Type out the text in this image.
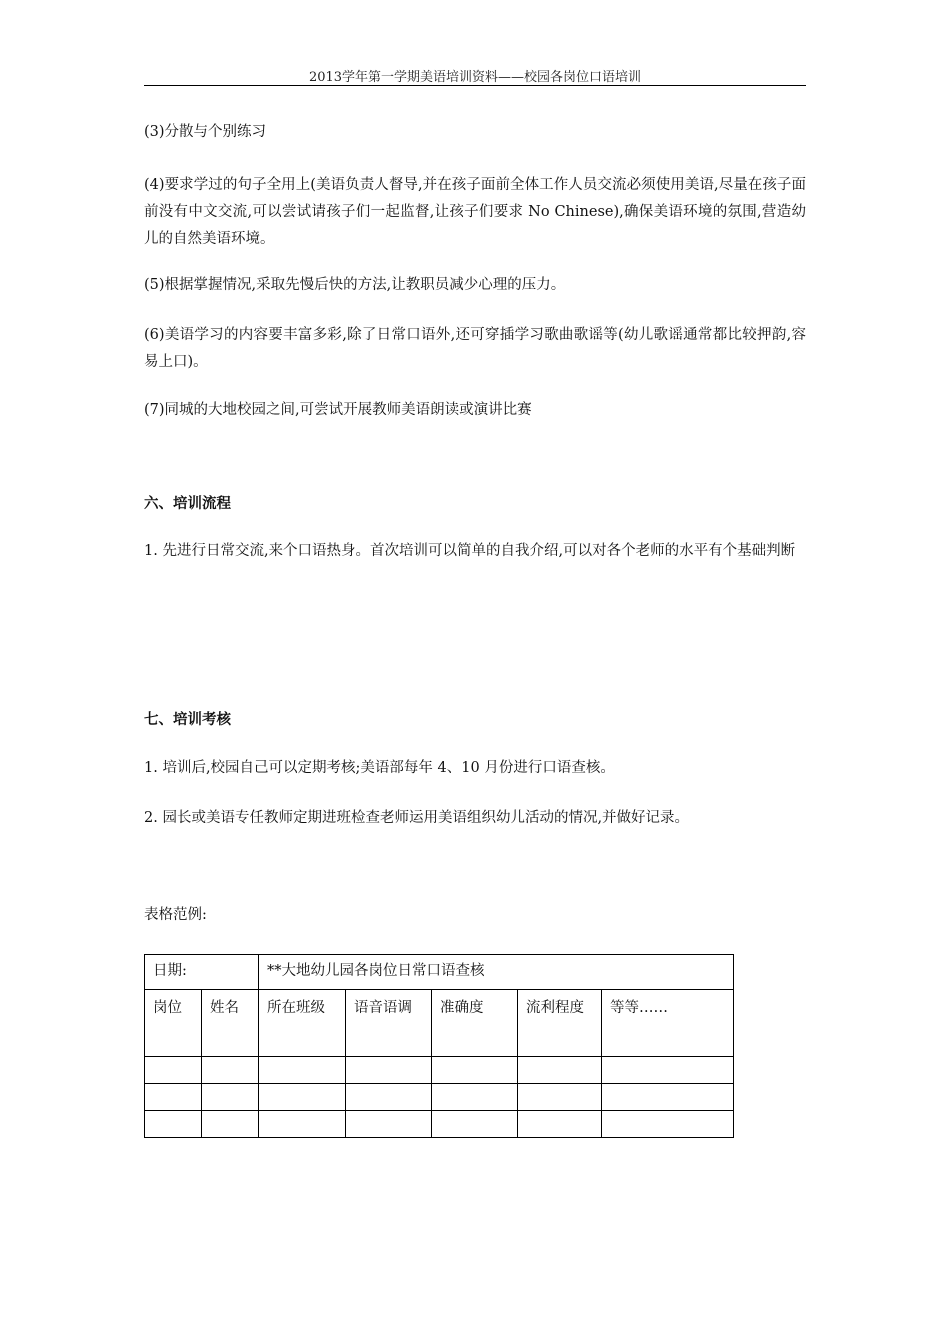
2013学年第一学期美语培训资料——校园各岗位口语培训

(3)分散与个别练习

(4)要求学过的句子全用上(美语负责人督导,并在孩子面前全体工作人员交流必须使用美语,尽量在孩子面前没有中文交流,可以尝试请孩子们一起监督,让孩子们要求 No Chinese),确保美语环境的氛围,营造幼儿的自然美语环境。

(5)根据掌握情况,采取先慢后快的方法,让教职员减少心理的压力。

(6)美语学习的内容要丰富多彩,除了日常口语外,还可穿插学习歌曲歌谣等(幼儿歌谣通常都比较押韵,容易上口)。

(7)同城的大地校园之间,可尝试开展教师美语朗读或演讲比赛

六、培训流程

1. 先进行日常交流,来个口语热身。首次培训可以简单的自我介绍,可以对各个老师的水平有个基础判断

七、培训考核

1. 培训后,校园自己可以定期考核;美语部每年 4、10 月份进行口语查核。

2. 园长或美语专任教师定期进班检查老师运用美语组织幼儿活动的情况,并做好记录。

表格范例:

日期:		**大地幼儿园各岗位日常口语查核				
岗位	姓名	所在班级	语音语调	准确度	流利程度	等等……
